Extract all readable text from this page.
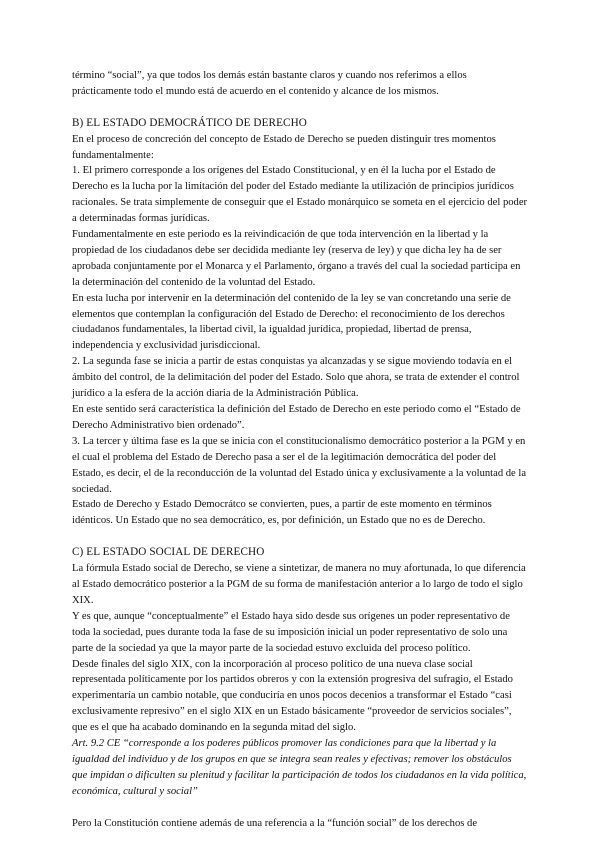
término “social”, ya que todos los demás están bastante claros y cuando nos referimos a ellos prácticamente todo el mundo está de acuerdo en el contenido y alcance de los mismos.

B) EL ESTADO DEMOCRÁTICO DE DERECHO

En el proceso de concreción del concepto de Estado de Derecho se pueden distinguir tres momentos fundamentalmente:

1. El primero corresponde a los orígenes del Estado Constitucional, y en él la lucha por el Estado de Derecho es la lucha por la limitación del poder del Estado mediante la utilización de principios jurídicos racionales. Se trata simplemente de conseguir que el Estado monárquico se someta en el ejercicio del poder a determinadas formas jurídicas.

Fundamentalmente en este periodo es la reivindicación de que toda intervención en la libertad y la propiedad de los ciudadanos debe ser decidida mediante ley (reserva de ley) y que dicha ley ha de ser aprobada conjuntamente por el Monarca y el Parlamento, órgano a través del cual la sociedad participa en la determinación del contenido de la voluntad del Estado.

En esta lucha por intervenir en la determinación del contenido de la ley se van concretando una serie de elementos que contemplan la configuración del Estado de Derecho: el reconocimiento de los derechos ciudadanos fundamentales, la libertad civil, la igualdad jurídica, propiedad, libertad de prensa, independencia y exclusividad jurisdiccional.

2. La segunda fase se inicia a partir de estas conquistas ya alcanzadas y se sigue moviendo todavía en el ámbito del control, de la delimitación del poder del Estado. Solo que ahora, se trata de extender el control jurídico a la esfera de la acción diaria de la Administración Pública.

En este sentido será característica la definición del Estado de Derecho en este periodo como el “Estado de Derecho Administrativo bien ordenado”.

3. La tercer y última fase es la que se inicia con el constitucionalismo democrático posterior a la PGM y en el cual el problema del Estado de Derecho pasa a ser el de la legitimación democrática del poder del Estado, es decir, el de la reconducción de la voluntad del Estado única y exclusivamente a la voluntad de la sociedad.

Estado de Derecho y Estado Democrátco se convierten, pues, a partir de este momento en términos idénticos. Un Estado que no sea democrático, es, por definición, un Estado que no es de Derecho.

C) EL ESTADO SOCIAL DE DERECHO

La fórmula Estado social de Derecho, se viene a sintetizar, de manera no muy afortunada, lo que diferencia al Estado democrático posterior a la PGM de su forma de manifestación anterior a lo largo de todo el siglo XIX.

Y es que, aunque “conceptualmente” el Estado haya sido desde sus orígenes un poder representativo de toda la sociedad, pues durante toda la fase de su imposición inicial un poder representativo de solo una parte de la sociedad ya que la mayor parte de la sociedad estuvo excluida del proceso político.

Desde finales del siglo XIX, con la incorporación al proceso político de una nueva clase social representada políticamente por los partidos obreros y con la extensión progresiva del sufragio, el Estado experimentaría un cambio notable, que conduciría en unos pocos decenios a transformar el Estado “casi exclusivamente represivo” en el siglo XIX en un Estado básicamente “proveedor de servicios sociales”, que es el que ha acabado dominando en la segunda mitad del siglo.

Art. 9.2 CE “corresponde a los poderes públicos promover las condiciones para que la libertad y la igualdad del individuo y de los grupos en que se integra sean reales y efectivas; remover los obstáculos que impidan o dificulten su plenitud y facilitar la participación de todos los ciudadanos en la vida política, económica, cultural y social”

Pero la Constitución contiene además de una referencia a la “función social” de los derechos de
